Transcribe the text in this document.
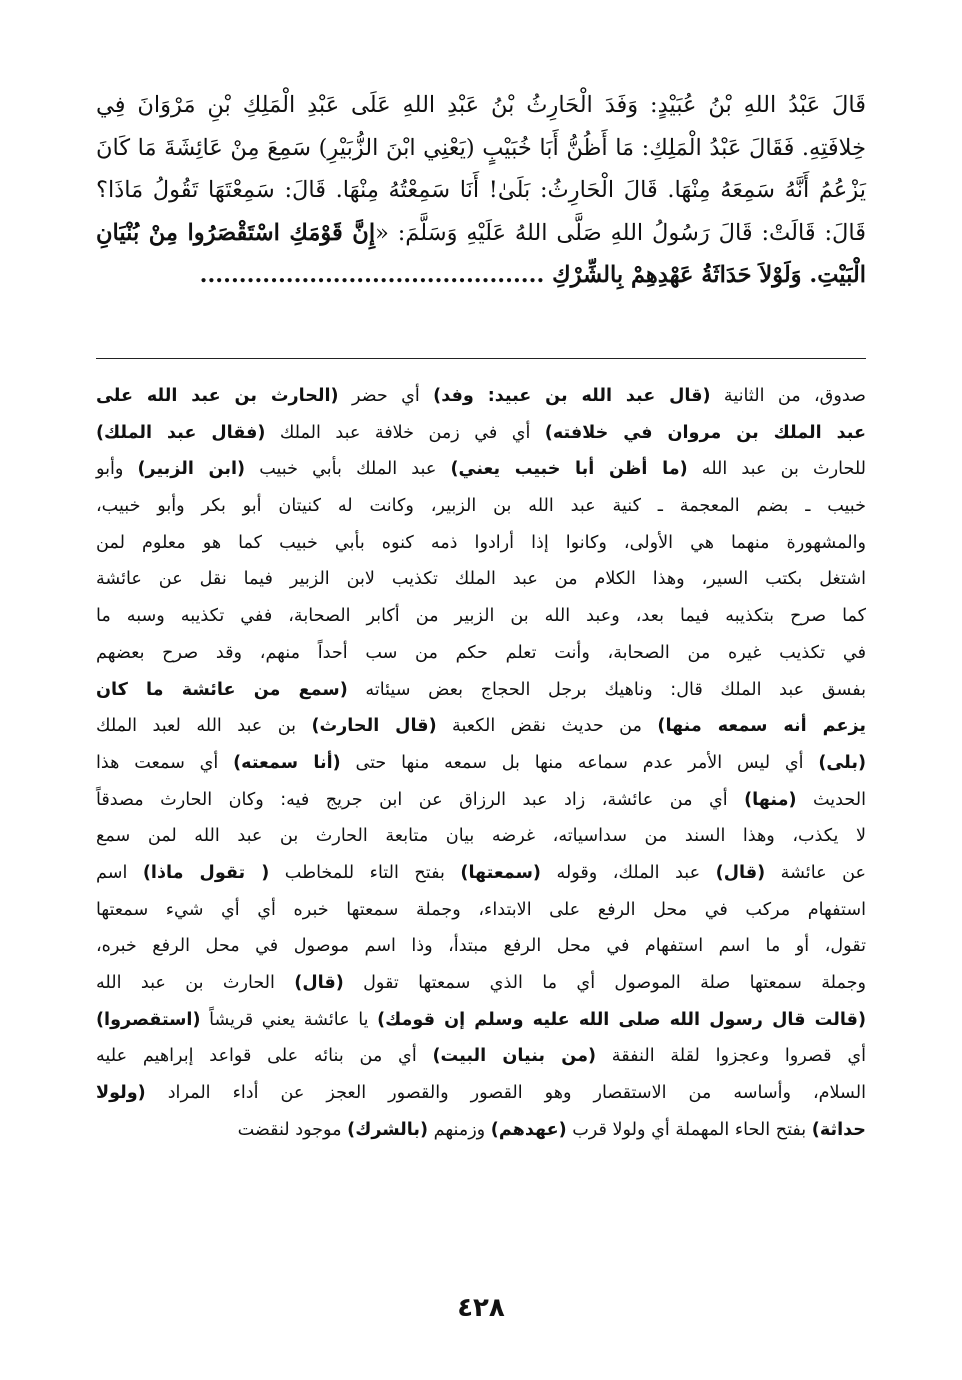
قَالَ عَبْدُ اللهِ بْنُ عُبَيْدٍ: وَفَدَ الْحَارِثُ بْنُ عَبْدِ اللهِ عَلَى عَبْدِ الْمَلِكِ بْنِ مَرْوَانَ فِي خِلافَتِهِ. فَقَالَ عَبْدُ الْمَلِكِ: مَا أَظُنُّ أَبَا خُبَيْبٍ (يَعْنِي ابْنَ الزُّبَيْرِ) سَمِعَ مِنْ عَائِشَةَ مَا كَانَ يَزْعُمُ أَنَّهُ سَمِعَهُ مِنْهَا. قَالَ الْحَارِثُ: بَلَىٰ! أَنَا سَمِعْتُهُ مِنْهَا. قَالَ: سَمِعْتَهَا تَقُولُ مَاذَا؟ قَالَ: قَالَتْ: قَالَ رَسُولُ اللهِ صَلَّى اللهُ عَلَيْهِ وَسَلَّمَ: «إِنَّ قَوْمَكِ اسْتَقْصَرُوا مِنْ بُنْيَانِ الْبَيْتِ. وَلَوْلاَ حَدَاثَةُ عَهْدِهِمْ بِالشِّرْكِ ............................................

صدوق، من الثانية (قال عبد الله بن عبيد: وفد) أي حضر (الحارث بن عبد الله على
عبد الملك بن مروان في خلافته) أي في زمن خلافة عبد الملك (فقال عبد الملك)
للحارث بن عبد الله (ما أظن أبا خبيب يعني) عبد الملك بأبي خبيب (ابن الزبير) وأبو
خبيب ـ بضم المعجمة ـ كنية عبد الله بن الزبير، وكانت له كنيتان أبو بكر وأبو خبيب،
والمشهورة منهما هي الأولى، وكانوا إذا أرادوا ذمه كنوه بأبي خبيب كما هو معلوم لمن
اشتغل بكتب السير، وهذا الكلام من عبد الملك تكذيب لابن الزبير فيما نقل عن عائشة
كما صرح بتكذيبه فيما بعد، وعبد الله بن الزبير من أكابر الصحابة، ففي تكذيبه وسبه ما
في تكذيب غيره من الصحابة، وأنت تعلم حكم من سب أحداً منهم، وقد صرح بعضهم
بفسق عبد الملك قال: وناهيك برجل الحجاج بعض سيئاته (سمع من عائشة ما كان
يزعم أنه سمعه منها) من حديث نقض الكعبة (قال الحارث) بن عبد الله لعبد الملك
(بلى) أي ليس الأمر عدم سماعه منها بل سمعه منها حتى (أنا سمعته) أي سمعت هذا
الحديث (منها) أي من عائشة، زاد عبد الرزاق عن ابن جريج فيه: وكان الحارث مصدقاً
لا يكذب، وهذا السند من سداسياته، غرضه بيان متابعة الحارث بن عبد الله لمن سمع
عن عائشة (قال) عبد الملك، وقوله (سمعتها) بفتح التاء للمخاطب ( تقول ماذا) اسم
استفهام مركب في محل الرفع على الابتداء، وجملة سمعتها خبره أي أي شيء سمعتها
تقول، أو ما اسم استفهام في محل الرفع مبتدأ، وذا اسم موصول في محل الرفع خبره،
وجملة سمعتها صلة الموصول أي ما الذي سمعتها تقول (قال) الحارث بن عبد الله
(قالت قال رسول الله صلى الله عليه وسلم إن قومك) يا عائشة يعني قريشاً (استقصروا)
أي قصروا وعجزوا لقلة النفقة (من بنيان البيت) أي من بنائه على قواعد إبراهيم عليه
السلام، وأساسه من الاستقصار وهو القصور والقصور العجز عن أداء المراد (ولولا
حداثة) بفتح الحاء المهملة أي ولولا قرب (عهدهم) وزمنهم (بالشرك) موجود لنقضت
٤٢٨
